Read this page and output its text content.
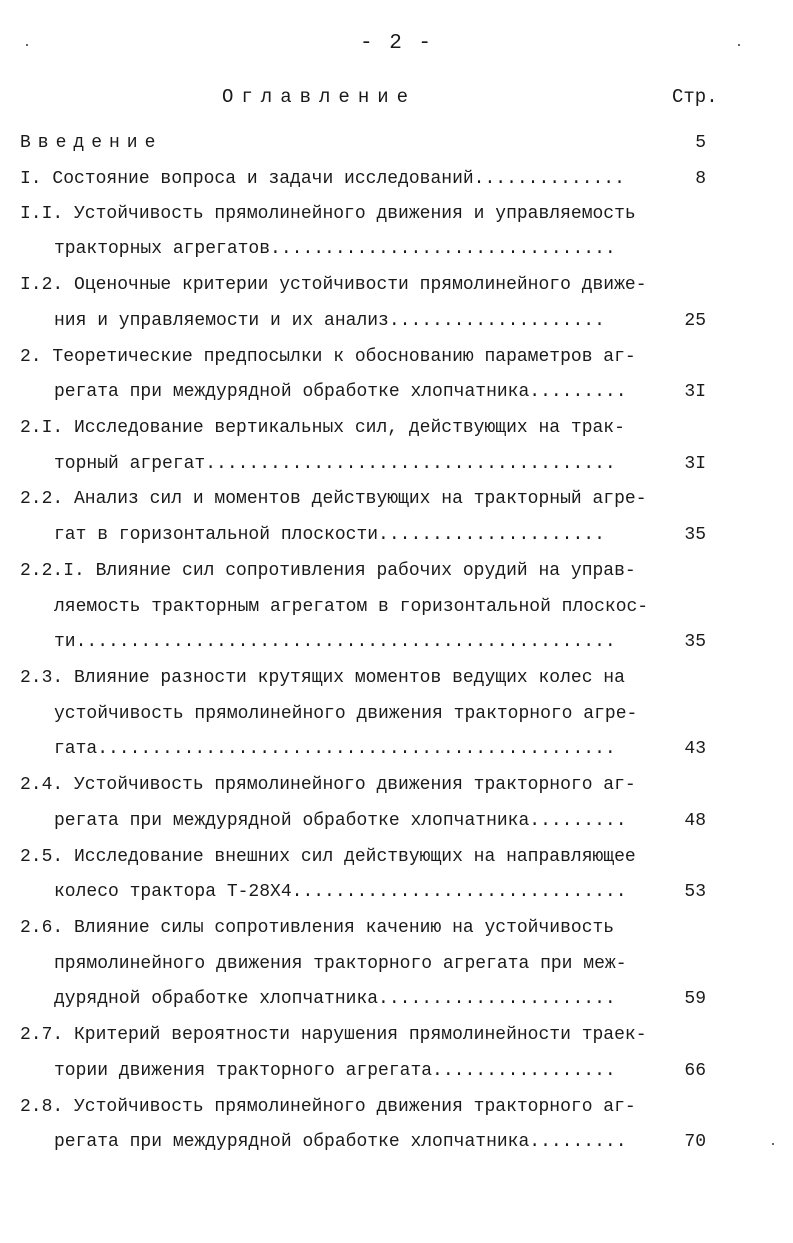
- 2 -
Оглавление	Стр.
Введение	5
I. Состояние вопроса и задачи исследований..............	8
I.I. Устойчивость прямолинейного движения и управляемость
тракторных агрегатов................................
I.2. Оценочные критерии устойчивости прямолинейного движе-
ния и управляемости и их анализ....................	25
2. Теоретические предпосылки к обоснованию параметров аг-
регата при междурядной обработке хлопчатника.........	3I
2.I. Исследование вертикальных сил, действующих на трак-
торный агрегат......................................	3I
2.2. Анализ сил и моментов действующих на тракторный агре-
гат в горизонтальной плоскости.....................	35
2.2.I. Влияние сил сопротивления рабочих орудий на управ-
ляемость тракторным агрегатом в горизонтальной плоскос-
ти..................................................	35
2.3. Влияние разности крутящих моментов ведущих колес на
устойчивость прямолинейного движения тракторного агре-
гата................................................	43
2.4. Устойчивость прямолинейного движения тракторного аг-
регата при междурядной обработке хлопчатника.........	48
2.5. Исследование внешних сил действующих на направляющее
колесо трактора Т-28Х4...............................	53
2.6. Влияние силы сопротивления качению на устойчивость
прямолинейного движения тракторного агрегата при меж-
дурядной обработке хлопчатника......................	59
2.7. Критерий вероятности нарушения прямолинейности траек-
тории движения тракторного агрегата.................	66
2.8. Устойчивость прямолинейного движения тракторного аг-
регата при междурядной обработке хлопчатника.........	70
